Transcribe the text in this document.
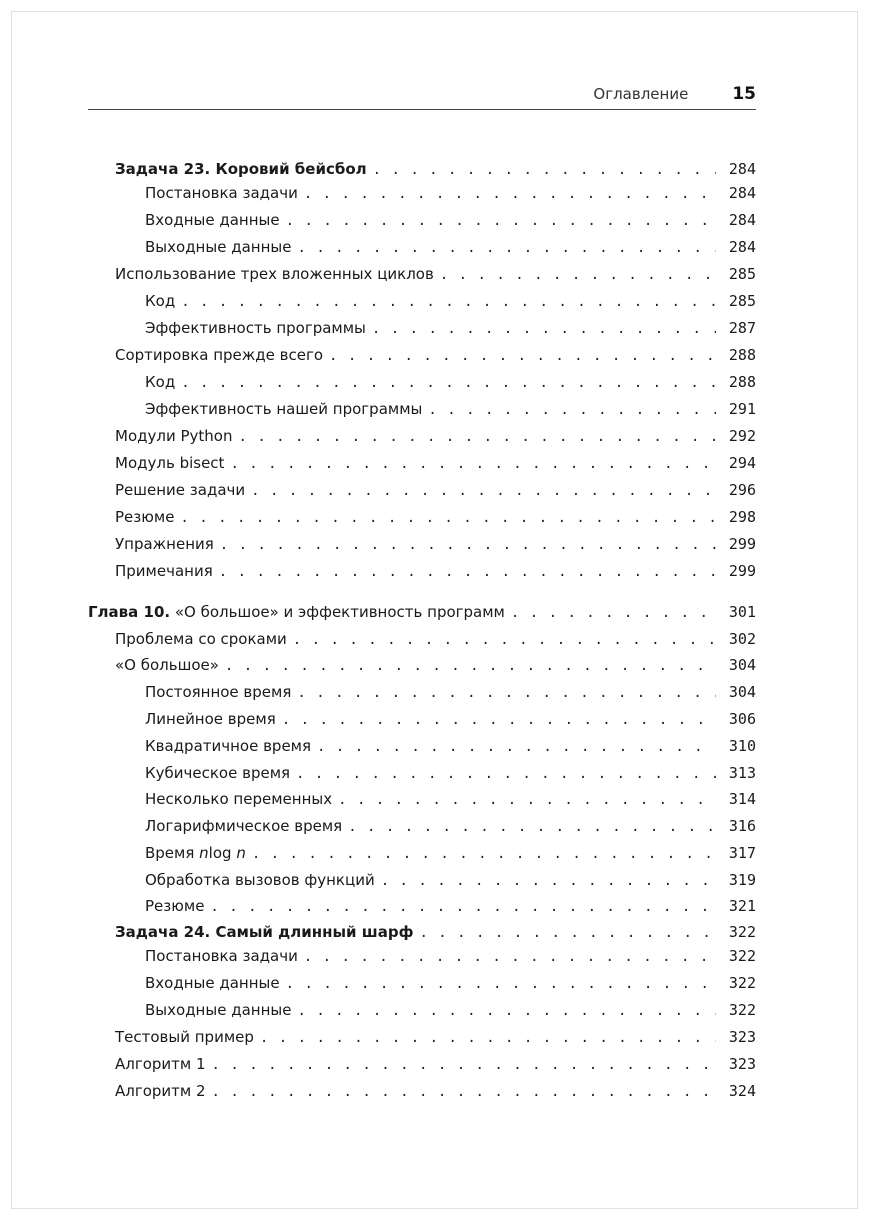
Оглавление	15
Задача 23. Коровий бейсбол . . .	284
Постановка задачи . . .	284
Входные данные . . .	284
Выходные данные . . .	284
Использование трех вложенных циклов . . .	285
Код . . .	285
Эффективность программы . . .	287
Сортировка прежде всего . . .	288
Код . . .	288
Эффективность нашей программы . . .	291
Модули Python . . .	292
Модуль bisect . . .	294
Решение задачи . . .	296
Резюме . . .	298
Упражнения . . .	299
Примечания . . .	299
Глава 10. «О большое» и эффективность программ . . .	301
Проблема со сроками . . .	302
«О большое» . . .	304
Постоянное время . . .	304
Линейное время . . .	306
Квадратичное время . . .	310
Кубическое время . . .	313
Несколько переменных . . .	314
Логарифмическое время . . .	316
Время nlog n . . .	317
Обработка вызовов функций . . .	319
Резюме . . .	321
Задача 24. Самый длинный шарф . . .	322
Постановка задачи . . .	322
Входные данные . . .	322
Выходные данные . . .	322
Тестовый пример . . .	323
Алгоритм 1 . . .	323
Алгоритм 2 . . .	324
